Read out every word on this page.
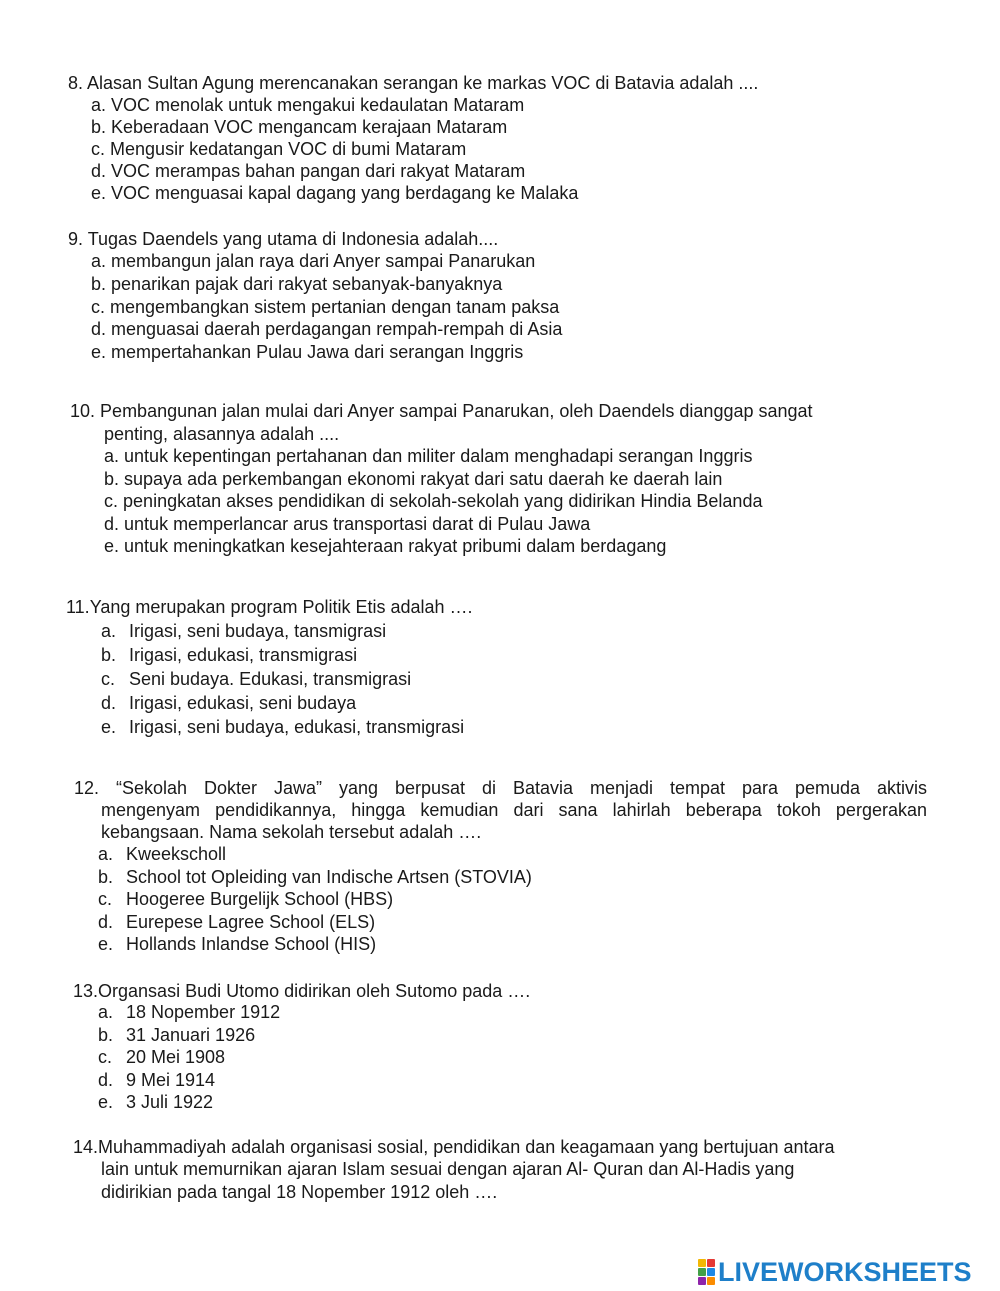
8. Alasan Sultan Agung merencanakan serangan ke markas VOC di Batavia adalah ....
a. VOC menolak untuk mengakui kedaulatan Mataram
b. Keberadaan VOC mengancam kerajaan Mataram
c. Mengusir kedatangan VOC di bumi Mataram
d. VOC merampas bahan pangan dari rakyat Mataram
e. VOC menguasai kapal dagang yang berdagang ke Malaka
9. Tugas Daendels yang utama di Indonesia adalah....
a. membangun jalan raya dari Anyer sampai Panarukan
b. penarikan pajak dari rakyat sebanyak-banyaknya
c. mengembangkan sistem pertanian dengan tanam paksa
d. menguasai daerah perdagangan rempah-rempah di Asia
e. mempertahankan Pulau Jawa dari serangan Inggris
10. Pembangunan jalan mulai dari Anyer sampai Panarukan, oleh Daendels dianggap sangat
penting, alasannya adalah ....
a. untuk kepentingan pertahanan dan militer dalam menghadapi serangan Inggris
b. supaya ada perkembangan ekonomi rakyat dari satu daerah ke daerah lain
c. peningkatan akses pendidikan di sekolah-sekolah yang didirikan Hindia Belanda
d. untuk memperlancar arus transportasi darat di Pulau Jawa
e. untuk meningkatkan kesejahteraan rakyat pribumi dalam berdagang
11.Yang merupakan program Politik Etis adalah ….
a. Irigasi, seni budaya, tansmigrasi
b. Irigasi, edukasi, transmigrasi
c. Seni budaya. Edukasi, transmigrasi
d. Irigasi, edukasi, seni budaya
e. Irigasi, seni budaya, edukasi, transmigrasi
12. “Sekolah Dokter Jawa” yang berpusat di Batavia menjadi tempat para pemuda aktivis
mengenyam pendidikannya, hingga kemudian dari sana lahirlah beberapa tokoh pergerakan
kebangsaan. Nama sekolah tersebut adalah ….
a. Kweekscholl
b. School tot Opleiding van Indische Artsen (STOVIA)
c. Hoogeree Burgelijk School (HBS)
d. Eurepese Lagree School (ELS)
e. Hollands Inlandse School (HIS)
13.Organsasi Budi Utomo didirikan oleh Sutomo pada ….
a. 18 Nopember 1912
b. 31 Januari 1926
c. 20 Mei 1908
d. 9 Mei 1914
e. 3 Juli 1922
14.Muhammadiyah adalah organisasi sosial, pendidikan dan keagamaan yang bertujuan antara
lain untuk memurnikan ajaran Islam sesuai dengan ajaran Al- Quran dan Al-Hadis yang
didirikian pada tangal 18 Nopember 1912 oleh ….
LIVEWORKSHEETS
